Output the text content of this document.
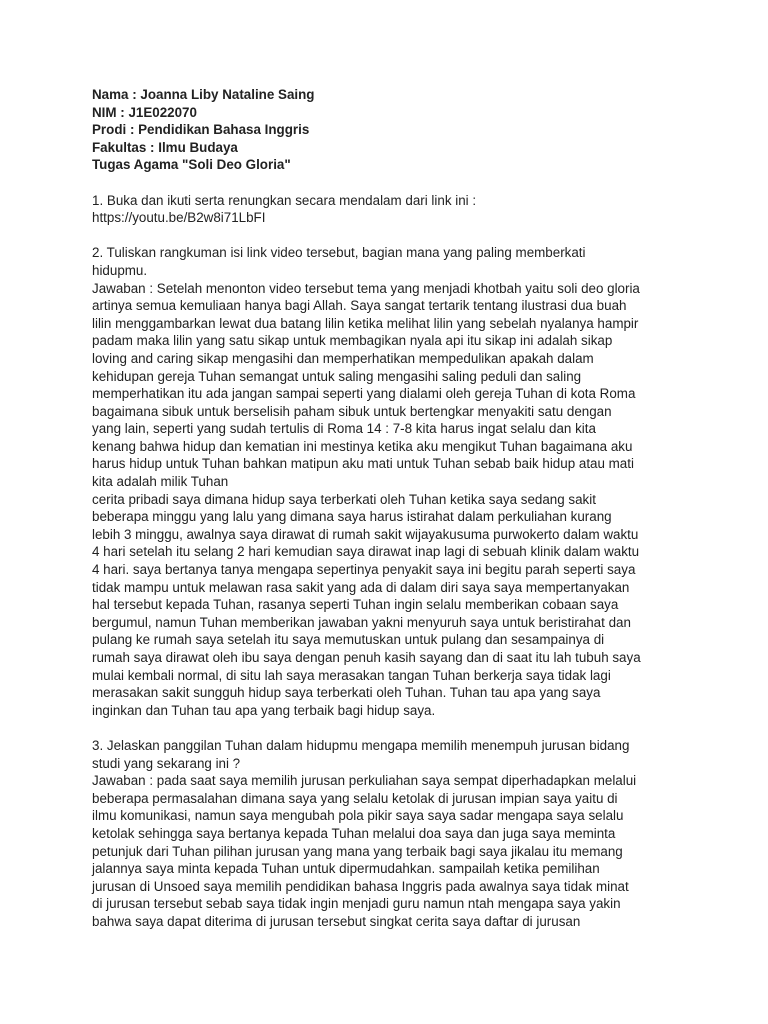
Nama : Joanna Liby Nataline Saing
NIM : J1E022070
Prodi : Pendidikan Bahasa Inggris
Fakultas : Ilmu Budaya
Tugas Agama "Soli Deo Gloria"
1. Buka dan ikuti serta renungkan secara mendalam dari link ini :
https://youtu.be/B2w8i71LbFI
2. Tuliskan rangkuman isi link video tersebut, bagian mana yang paling memberkati
hidupmu.
Jawaban : Setelah menonton video tersebut tema yang menjadi khotbah yaitu soli deo gloria
artinya semua kemuliaan hanya bagi Allah. Saya sangat tertarik tentang ilustrasi dua buah
lilin menggambarkan lewat dua batang lilin ketika melihat lilin yang sebelah nyalanya hampir
padam maka lilin yang satu sikap untuk membagikan nyala api itu sikap ini adalah sikap
loving and caring sikap mengasihi dan memperhatikan mempedulikan apakah dalam
kehidupan gereja Tuhan semangat untuk saling mengasihi saling peduli dan saling
memperhatikan itu ada jangan sampai seperti yang dialami oleh gereja Tuhan di kota Roma
bagaimana sibuk untuk berselisih paham sibuk untuk bertengkar menyakiti satu dengan
yang lain, seperti yang sudah tertulis di Roma 14 : 7-8 kita harus ingat selalu dan kita
kenang bahwa hidup dan kematian ini mestinya ketika aku mengikut Tuhan bagaimana aku
harus hidup untuk Tuhan bahkan matipun aku mati untuk Tuhan sebab baik hidup atau mati
kita adalah milik Tuhan
cerita pribadi saya dimana hidup saya terberkati oleh Tuhan ketika saya sedang sakit
beberapa minggu yang lalu yang dimana saya harus istirahat dalam perkuliahan kurang
lebih 3 minggu, awalnya saya dirawat di rumah sakit wijayakusuma purwokerto dalam waktu
4 hari setelah itu selang 2 hari kemudian saya dirawat inap lagi di sebuah klinik dalam waktu
4 hari. saya bertanya tanya mengapa sepertinya penyakit saya ini begitu parah seperti saya
tidak mampu untuk melawan rasa sakit yang ada di dalam diri saya saya mempertanyakan
hal tersebut kepada Tuhan, rasanya seperti Tuhan ingin selalu memberikan cobaan saya
bergumul, namun Tuhan memberikan jawaban yakni menyuruh saya untuk beristirahat dan
pulang ke rumah saya setelah itu saya memutuskan untuk pulang dan sesampainya di
rumah saya dirawat oleh ibu saya dengan penuh kasih sayang dan di saat itu lah tubuh saya
mulai kembali normal, di situ lah saya merasakan tangan Tuhan berkerja saya tidak lagi
merasakan sakit sungguh hidup saya terberkati oleh Tuhan. Tuhan tau apa yang saya
inginkan dan Tuhan tau apa yang terbaik bagi hidup saya.
3. Jelaskan panggilan Tuhan dalam hidupmu mengapa memilih menempuh jurusan bidang
studi yang sekarang ini ?
Jawaban : pada saat saya memilih jurusan perkuliahan saya sempat diperhadapkan melalui
beberapa permasalahan dimana saya yang selalu ketolak di jurusan impian saya yaitu di
ilmu komunikasi, namun saya mengubah pola pikir saya saya sadar mengapa saya selalu
ketolak sehingga saya bertanya kepada Tuhan melalui doa saya dan juga saya meminta
petunjuk dari Tuhan pilihan jurusan yang mana yang terbaik bagi saya jikalau itu memang
jalannya saya minta kepada Tuhan untuk dipermudahkan. sampailah ketika pemilihan
jurusan di Unsoed saya memilih pendidikan bahasa Inggris pada awalnya saya tidak minat
di jurusan tersebut sebab saya tidak ingin menjadi guru namun ntah mengapa saya yakin
bahwa saya dapat diterima di jurusan tersebut singkat cerita saya daftar di jurusan
